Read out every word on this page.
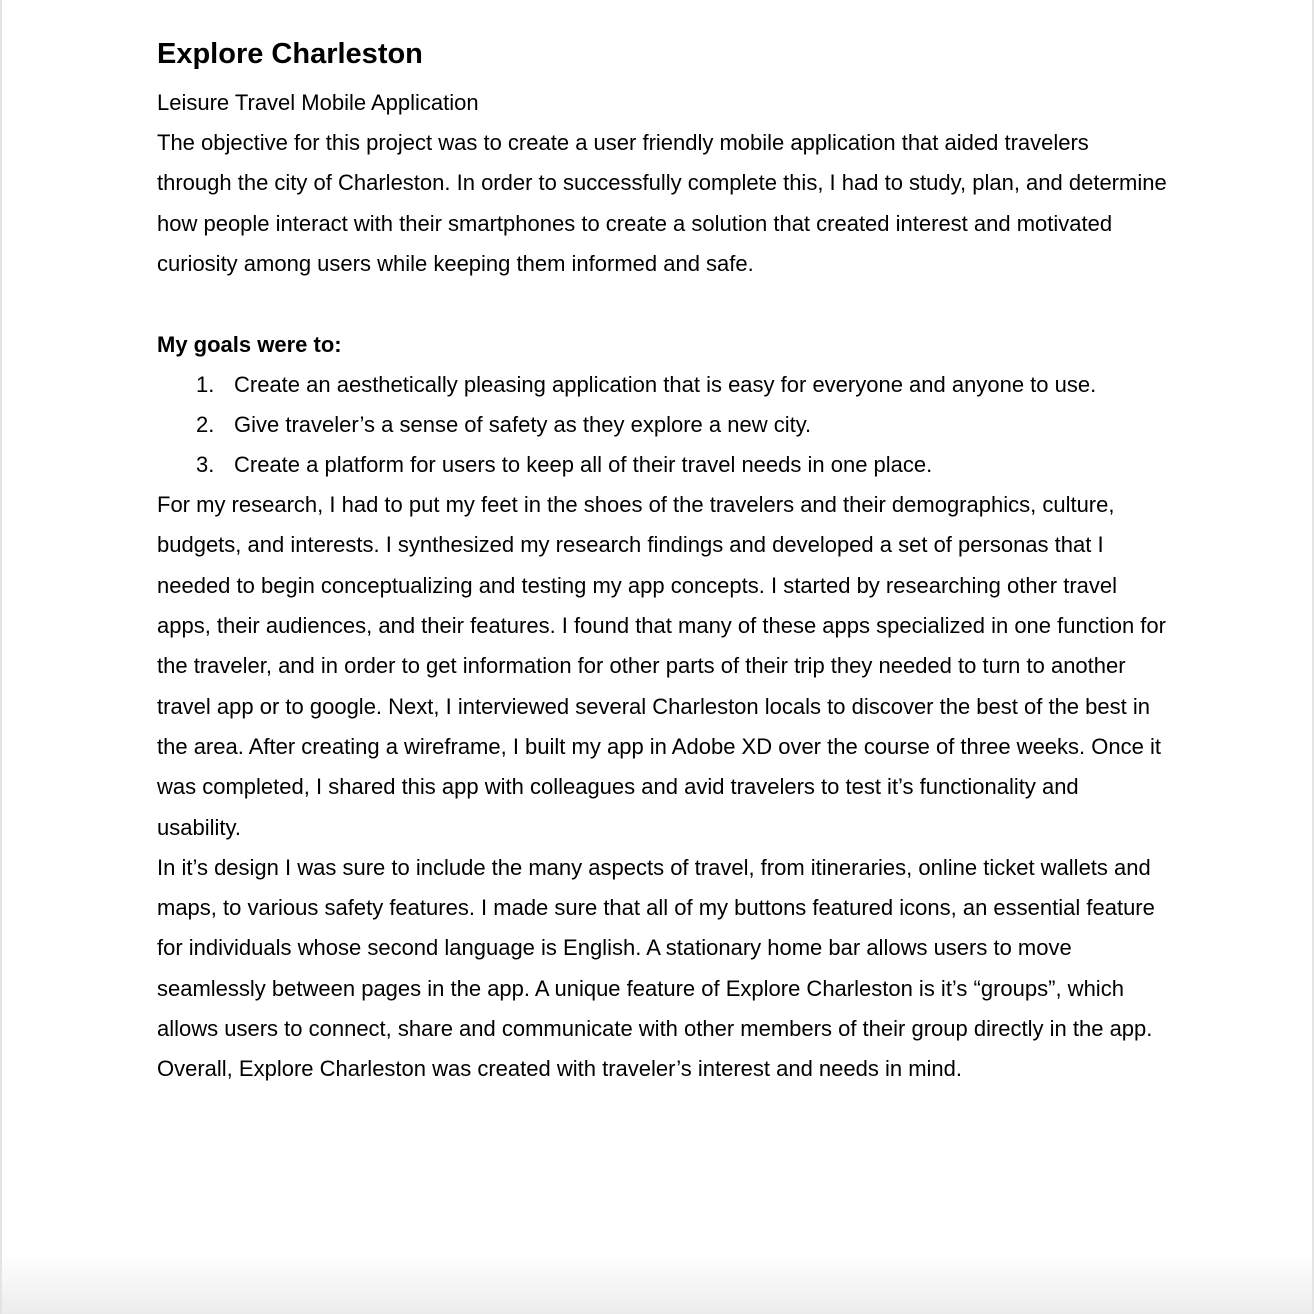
Explore Charleston
Leisure Travel Mobile Application

The objective for this project was to create a user friendly mobile application that aided travelers through the city of Charleston. In order to successfully complete this, I had to study, plan, and determine how people interact with their smartphones to create a solution that created interest and motivated curiosity among users while keeping them informed and safe.

My goals were to:
1. Create an aesthetically pleasing application that is easy for everyone and anyone to use.
2. Give traveler’s a sense of safety as they explore a new city.
3. Create a platform for users to keep all of their travel needs in one place.

For my research, I had to put my feet in the shoes of the travelers and their demographics, culture, budgets, and interests. I synthesized my research findings and developed a set of personas that I needed to begin conceptualizing and testing my app concepts. I started by researching other travel apps, their audiences, and their features. I found that many of these apps specialized in one function for the traveler, and in order to get information for other parts of their trip they needed to turn to another travel app or to google. Next, I interviewed several Charleston locals to discover the best of the best in the area. After creating a wireframe, I built my app in Adobe XD over the course of three weeks. Once it was completed, I shared this app with colleagues and avid travelers to test it’s functionality and usability.

In it’s design I was sure to include the many aspects of travel, from itineraries, online ticket wallets and maps, to various safety features. I made sure that all of my buttons featured icons, an essential feature for individuals whose second language is English. A stationary home bar allows users to move seamlessly between pages in the app. A unique feature of Explore Charleston is it’s “groups”, which allows users to connect, share and communicate with other members of their group directly in the app. Overall, Explore Charleston was created with traveler’s interest and needs in mind.
